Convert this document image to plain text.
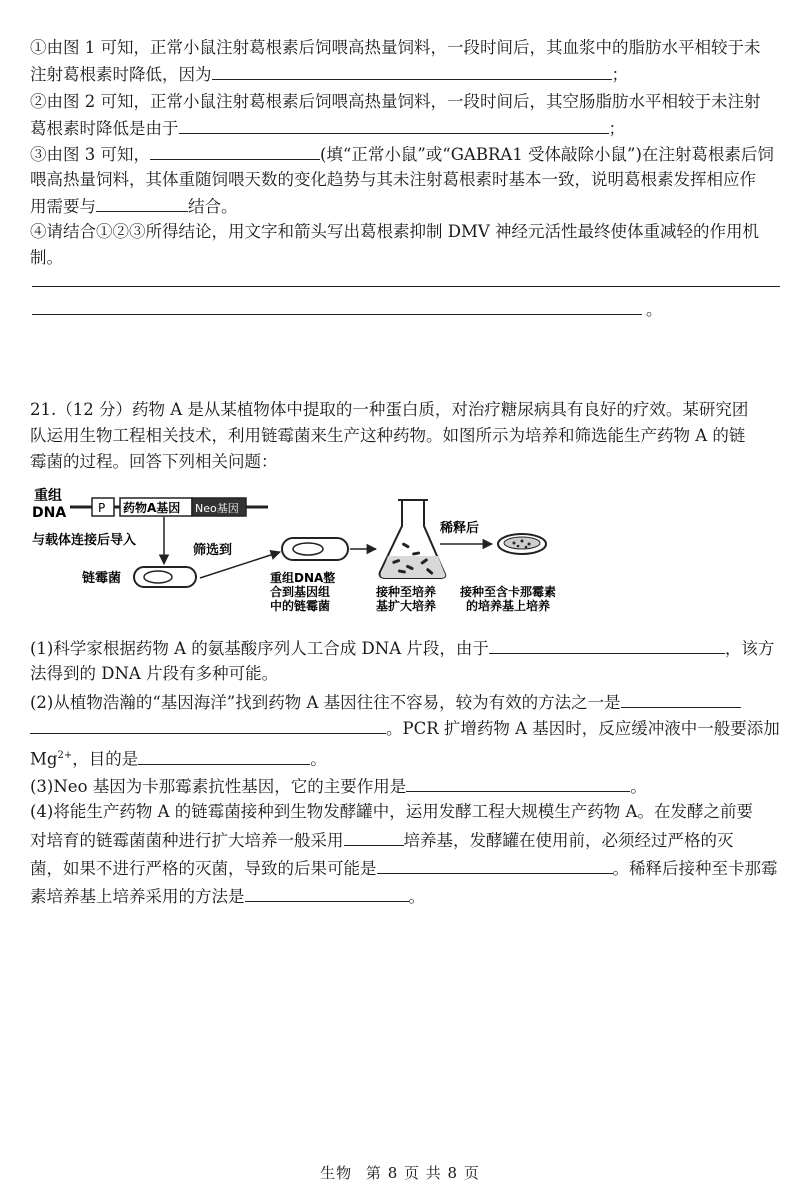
①由图 1 可知，正常小鼠注射葛根素后饲喂高热量饲料，一段时间后，其血浆中的脂肪水平相较于未
注射葛根素时降低，因为	；
②由图 2 可知，正常小鼠注射葛根素后饲喂高热量饲料，一段时间后，其空肠脂肪水平相较于未注射
葛根素时降低是由于	；
③由图 3 可知，	(填“正常小鼠”或“GABRA1 受体敲除小鼠”)在注射葛根素后饲
喂高热量饲料，其体重随饲喂天数的变化趋势与其未注射葛根素时基本一致，说明葛根素发挥相应作
用需要与	结合。
④请结合①②③所得结论，用文字和箭头写出葛根素抑制 DMV 神经元活性最终使体重减轻的作用机
制。
。
21.（12 分）药物 A 是从某植物体中提取的一种蛋白质，对治疗糖尿病具有良好的疗效。某研究团
队运用生物工程相关技术，利用链霉菌来生产这种药物。如图所示为培养和筛选能生产药物 A 的链
霉菌的过程。回答下列相关问题：
重组
DNA	P 药物A基因 Neo基因
与载体连接后导入
链霉菌
筛选到
重组DNA整
合到基因组
中的链霉菌
接种至培养
基扩大培养
稀释后
接种至含卡那霉素
的培养基上培养
(1)科学家根据药物 A 的氨基酸序列人工合成 DNA 片段，由于	，该方
法得到的 DNA 片段有多种可能。
(2)从植物浩瀚的“基因海洋”找到药物 A 基因往往不容易，较为有效的方法之一是
。PCR 扩增药物 A 基因时，反应缓冲液中一般要添加
$Mg^{2+}$，目的是	。
(3)Neo 基因为卡那霉素抗性基因，它的主要作用是	。
(4)将能生产药物 A 的链霉菌接种到生物发酵罐中，运用发酵工程大规模生产药物 A。在发酵之前要
对培育的链霉菌菌种进行扩大培养一般采用	培养基，发酵罐在使用前，必须经过严格的灭
菌，如果不进行严格的灭菌，导致的后果可能是	。稀释后接种至卡那霉
素培养基上培养采用的方法是	。
生物 第 8 页 共 8 页
